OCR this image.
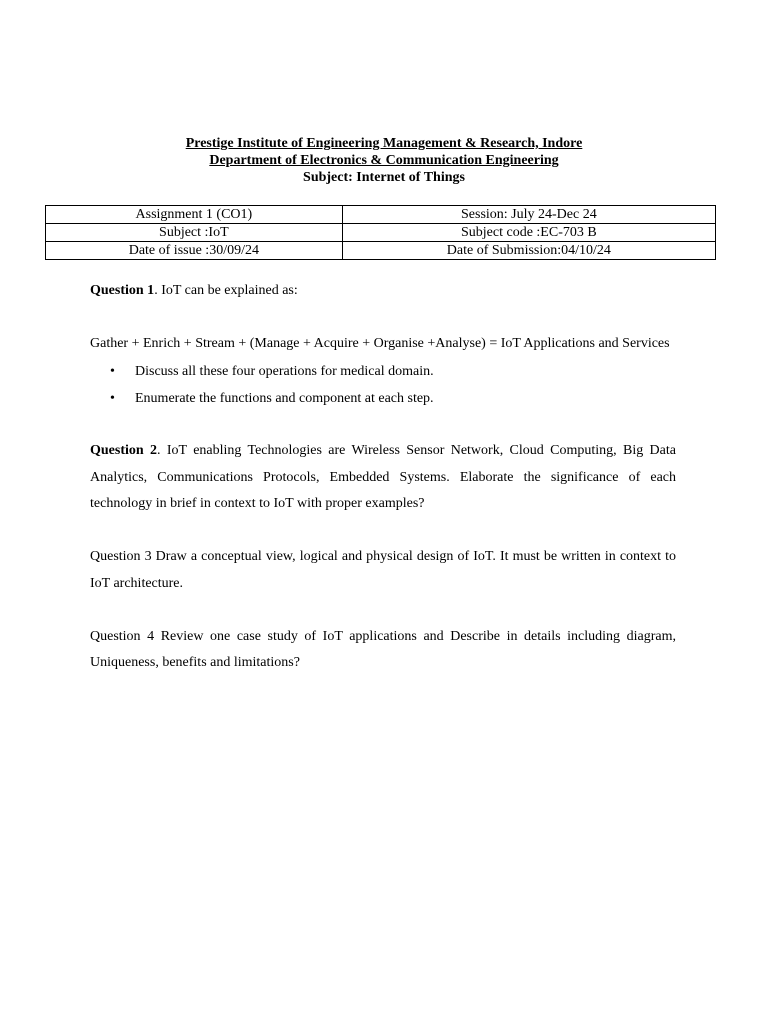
Prestige Institute of Engineering Management & Research, Indore
Department of Electronics & Communication Engineering
Subject: Internet of Things
Assignment 1 (CO1)	Session: July 24-Dec 24
Subject :IoT	Subject code :EC-703 B
Date of issue :30/09/24	Date of Submission:04/10/24

Question 1. IoT can be explained as:

Gather + Enrich + Stream + (Manage + Acquire + Organise +Analyse) = IoT Applications and Services

• Discuss all these four operations for medical domain.
• Enumerate the functions and component at each step.

Question 2. IoT enabling Technologies are Wireless Sensor Network, Cloud Computing, Big Data Analytics, Communications Protocols, Embedded Systems. Elaborate the significance of each technology in brief in context to IoT with proper examples?

Question 3 Draw a conceptual view, logical and physical design of IoT. It must be written in context to IoT architecture.

Question 4 Review one case study of IoT applications and Describe in details including diagram, Uniqueness, benefits and limitations?
